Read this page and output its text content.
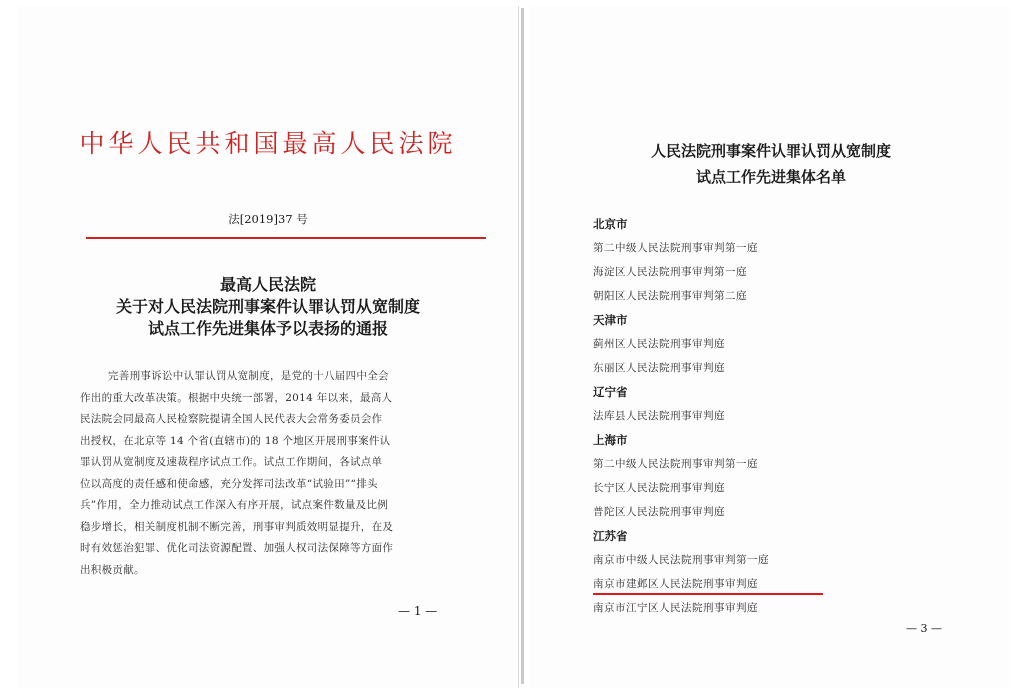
中华人民共和国最高人民法院
法[2019]37 号
最高人民法院
关于对人民法院刑事案件认罪认罚从宽制度
试点工作先进集体予以表扬的通报
完善刑事诉讼中认罪认罚从宽制度，是党的十八届四中全会
作出的重大改革决策。根据中央统一部署，2014 年以来，最高人
民法院会同最高人民检察院提请全国人民代表大会常务委员会作
出授权，在北京等 14 个省(直辖市)的 18 个地区开展刑事案件认
罪认罚从宽制度及速裁程序试点工作。试点工作期间，各试点单
位以高度的责任感和使命感，充分发挥司法改革“试验田”“排头
兵”作用，全力推动试点工作深入有序开展，试点案件数量及比例
稳步增长，相关制度机制不断完善，刑事审判质效明显提升，在及
时有效惩治犯罪、优化司法资源配置、加强人权司法保障等方面作
出积极贡献。
— 1 —
人民法院刑事案件认罪认罚从宽制度
试点工作先进集体名单
北京市
第二中级人民法院刑事审判第一庭
海淀区人民法院刑事审判第一庭
朝阳区人民法院刑事审判第二庭
天津市
蓟州区人民法院刑事审判庭
东丽区人民法院刑事审判庭
辽宁省
法库县人民法院刑事审判庭
上海市
第二中级人民法院刑事审判第一庭
长宁区人民法院刑事审判庭
普陀区人民法院刑事审判庭
江苏省
南京市中级人民法院刑事审判第一庭
南京市建邺区人民法院刑事审判庭
南京市江宁区人民法院刑事审判庭
— 3 —
